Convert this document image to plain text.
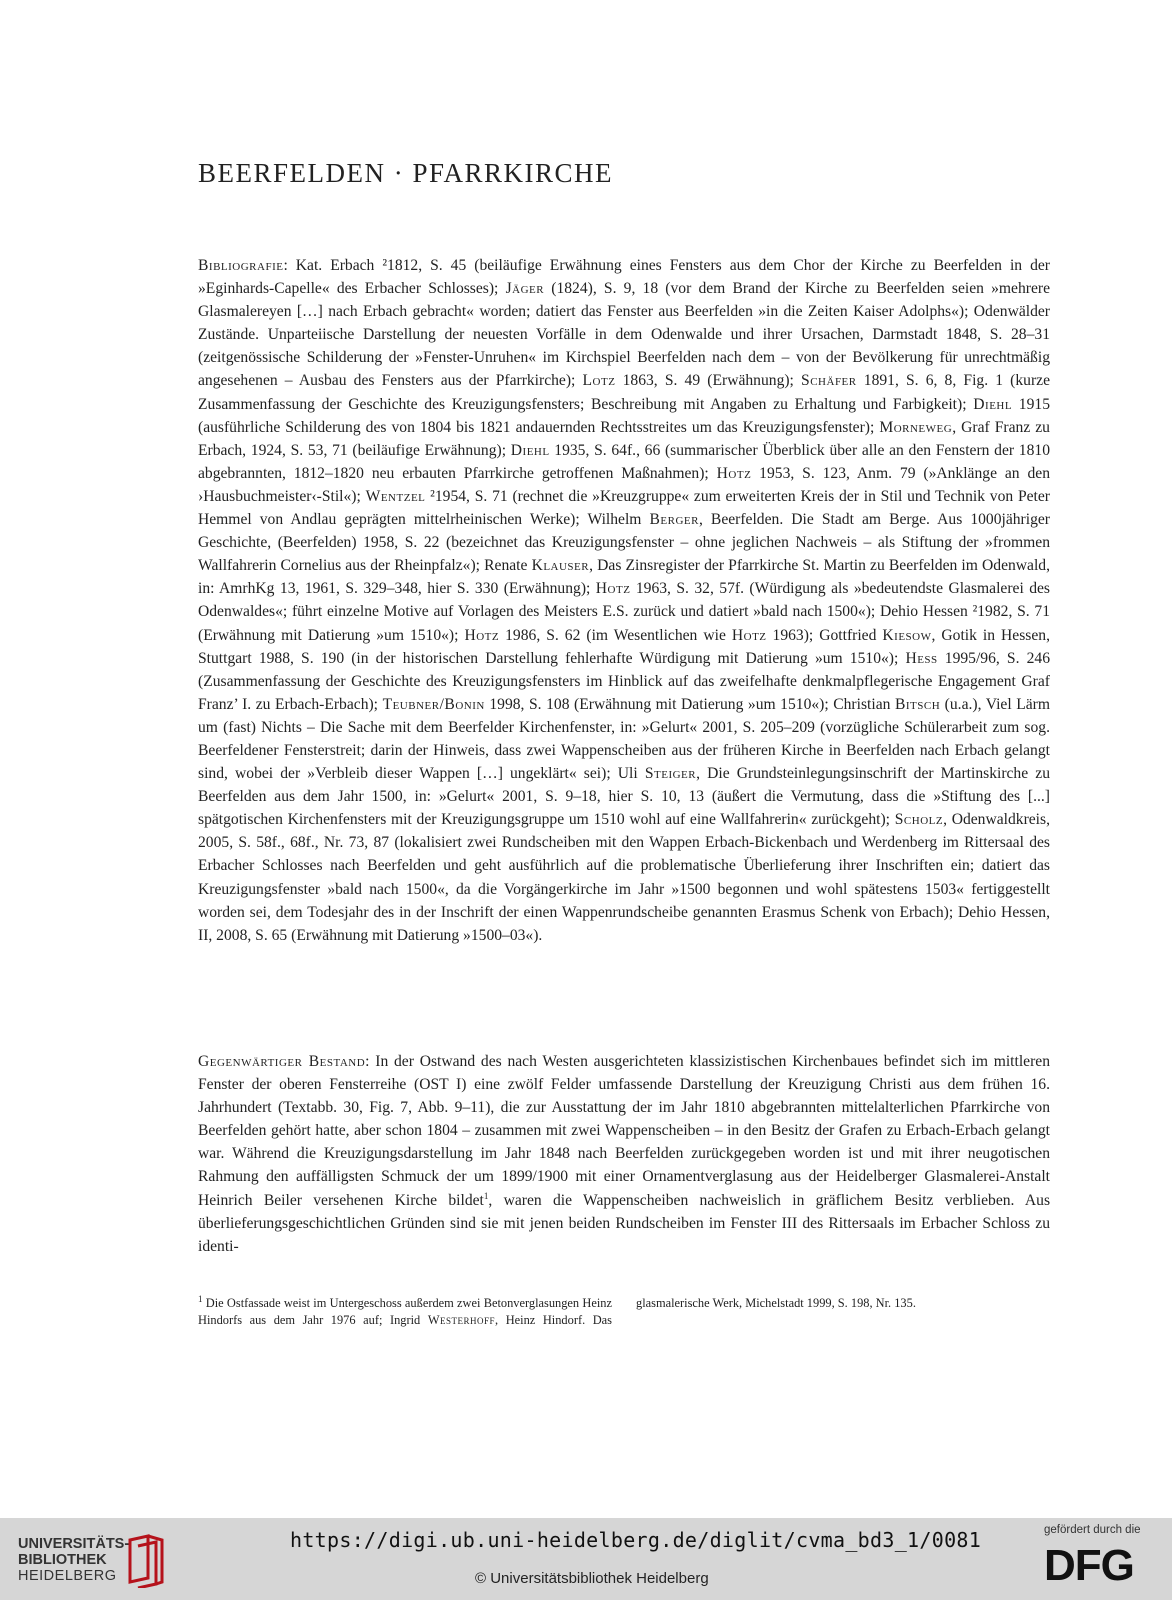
BEERFELDEN · PFARRKIRCHE
Bibliografie: Kat. Erbach ²1812, S. 45 (beiläufige Erwähnung eines Fensters aus dem Chor der Kirche zu Beerfelden in der »Eginhards-Capelle« des Erbacher Schlosses); Jäger (1824), S. 9, 18 (vor dem Brand der Kirche zu Beerfelden seien »mehrere Glasmalereyen […] nach Erbach gebracht« worden; datiert das Fenster aus Beerfelden »in die Zeiten Kaiser Adolphs«); Odenwälder Zustände. Unparteiische Darstellung der neuesten Vorfälle in dem Odenwalde und ihrer Ursachen, Darmstadt 1848, S. 28–31 (zeitgenössische Schilderung der »Fenster-Unruhen« im Kirchspiel Beerfelden nach dem – von der Bevölkerung für unrechtmäßig angesehenen – Ausbau des Fensters aus der Pfarrkirche); Lotz 1863, S. 49 (Erwähnung); Schäfer 1891, S. 6, 8, Fig. 1 (kurze Zusammenfassung der Geschichte des Kreuzigungsfensters; Beschreibung mit Angaben zu Erhaltung und Farbigkeit); Diehl 1915 (ausführliche Schilderung des von 1804 bis 1821 andauernden Rechtsstreites um das Kreuzigungsfenster); Morneweg, Graf Franz zu Erbach, 1924, S. 53, 71 (beiläufige Erwähnung); Diehl 1935, S. 64f., 66 (summarischer Überblick über alle an den Fenstern der 1810 abgebrannten, 1812–1820 neu erbauten Pfarrkirche getroffenen Maßnahmen); Hotz 1953, S. 123, Anm. 79 (»Anklänge an den ›Hausbuchmeister‹-Stil«); Wentzel ²1954, S. 71 (rechnet die »Kreuzgruppe« zum erweiterten Kreis der in Stil und Technik von Peter Hemmel von Andlau geprägten mittelrheinischen Werke); Wilhelm Berger, Beerfelden. Die Stadt am Berge. Aus 1000jähriger Geschichte, (Beerfelden) 1958, S. 22 (bezeichnet das Kreuzigungsfenster – ohne jeglichen Nachweis – als Stiftung der »frommen Wallfahrerin Cornelius aus der Rheinpfalz«); Renate Klauser, Das Zinsregister der Pfarrkirche St. Martin zu Beerfelden im Odenwald, in: AmrhKg 13, 1961, S. 329–348, hier S. 330 (Erwähnung); Hotz 1963, S. 32, 57f. (Würdigung als »bedeutendste Glasmalerei des Odenwaldes«; führt einzelne Motive auf Vorlagen des Meisters E.S. zurück und datiert »bald nach 1500«); Dehio Hessen ²1982, S. 71 (Erwähnung mit Datierung »um 1510«); Hotz 1986, S. 62 (im Wesentlichen wie Hotz 1963); Gottfried Kiesow, Gotik in Hessen, Stuttgart 1988, S. 190 (in der historischen Darstellung fehlerhafte Würdigung mit Datierung »um 1510«); Hess 1995/96, S. 246 (Zusammenfassung der Geschichte des Kreuzigungsfensters im Hinblick auf das zweifelhafte denkmalpflegerische Engagement Graf Franz’ I. zu Erbach-Erbach); Teubner/Bonin 1998, S. 108 (Erwähnung mit Datierung »um 1510«); Christian Bitsch (u.a.), Viel Lärm um (fast) Nichts – Die Sache mit dem Beerfelder Kirchenfenster, in: »Gelurt« 2001, S. 205–209 (vorzügliche Schülerarbeit zum sog. Beerfeldener Fensterstreit; darin der Hinweis, dass zwei Wappenscheiben aus der früheren Kirche in Beerfelden nach Erbach gelangt sind, wobei der »Verbleib dieser Wappen […] ungeklärt« sei); Uli Steiger, Die Grundsteinlegungsinschrift der Martinskirche zu Beerfelden aus dem Jahr 1500, in: »Gelurt« 2001, S. 9–18, hier S. 10, 13 (äußert die Vermutung, dass die »Stiftung des [...] spätgotischen Kirchenfensters mit der Kreuzigungsgruppe um 1510 wohl auf eine Wallfahrerin« zurückgeht); Scholz, Odenwaldkreis, 2005, S. 58f., 68f., Nr. 73, 87 (lokalisiert zwei Rundscheiben mit den Wappen Erbach-Bickenbach und Werdenberg im Rittersaal des Erbacher Schlosses nach Beerfelden und geht ausführlich auf die problematische Überlieferung ihrer Inschriften ein; datiert das Kreuzigungsfenster »bald nach 1500«, da die Vorgängerkirche im Jahr »1500 begonnen und wohl spätestens 1503« fertiggestellt worden sei, dem Todesjahr des in der Inschrift der einen Wappenrundscheibe genannten Erasmus Schenk von Erbach); Dehio Hessen, II, 2008, S. 65 (Erwähnung mit Datierung »1500–03«).
Gegenwärtiger Bestand: In der Ostwand des nach Westen ausgerichteten klassizistischen Kirchenbaues befindet sich im mittleren Fenster der oberen Fensterreihe (OST I) eine zwölf Felder umfassende Darstellung der Kreuzigung Christi aus dem frühen 16. Jahrhundert (Textabb. 30, Fig. 7, Abb. 9–11), die zur Ausstattung der im Jahr 1810 abgebrannten mittelalterlichen Pfarrkirche von Beerfelden gehört hatte, aber schon 1804 – zusammen mit zwei Wappenscheiben – in den Besitz der Grafen zu Erbach-Erbach gelangt war. Während die Kreuzigungsdarstellung im Jahr 1848 nach Beerfelden zurückgegeben worden ist und mit ihrer neugotischen Rahmung den auffälligsten Schmuck der um 1899/1900 mit einer Ornamentverglasung aus der Heidelberger Glasmalerei-Anstalt Heinrich Beiler versehenen Kirche bildet$^1$, waren die Wappenscheiben nachweislich in gräflichem Besitz verblieben. Aus überlieferungsgeschichtlichen Gründen sind sie mit jenen beiden Rundscheiben im Fenster III des Rittersaals im Erbacher Schloss zu identi-
$^1$ Die Ostfassade weist im Untergeschoss außerdem zwei Betonverglasungen Heinz Hindorfs aus dem Jahr 1976 auf; Ingrid Westerhoff, Heinz Hindorf. Das glasmalerische Werk, Michelstadt 1999, S. 198, Nr. 135.
UNIVERSITÄTS-
BIBLIOTHEK
HEIDELBERG
https://digi.ub.uni-heidelberg.de/diglit/cvma_bd3_1/0081
© Universitätsbibliothek Heidelberg
gefördert durch die
DFG
